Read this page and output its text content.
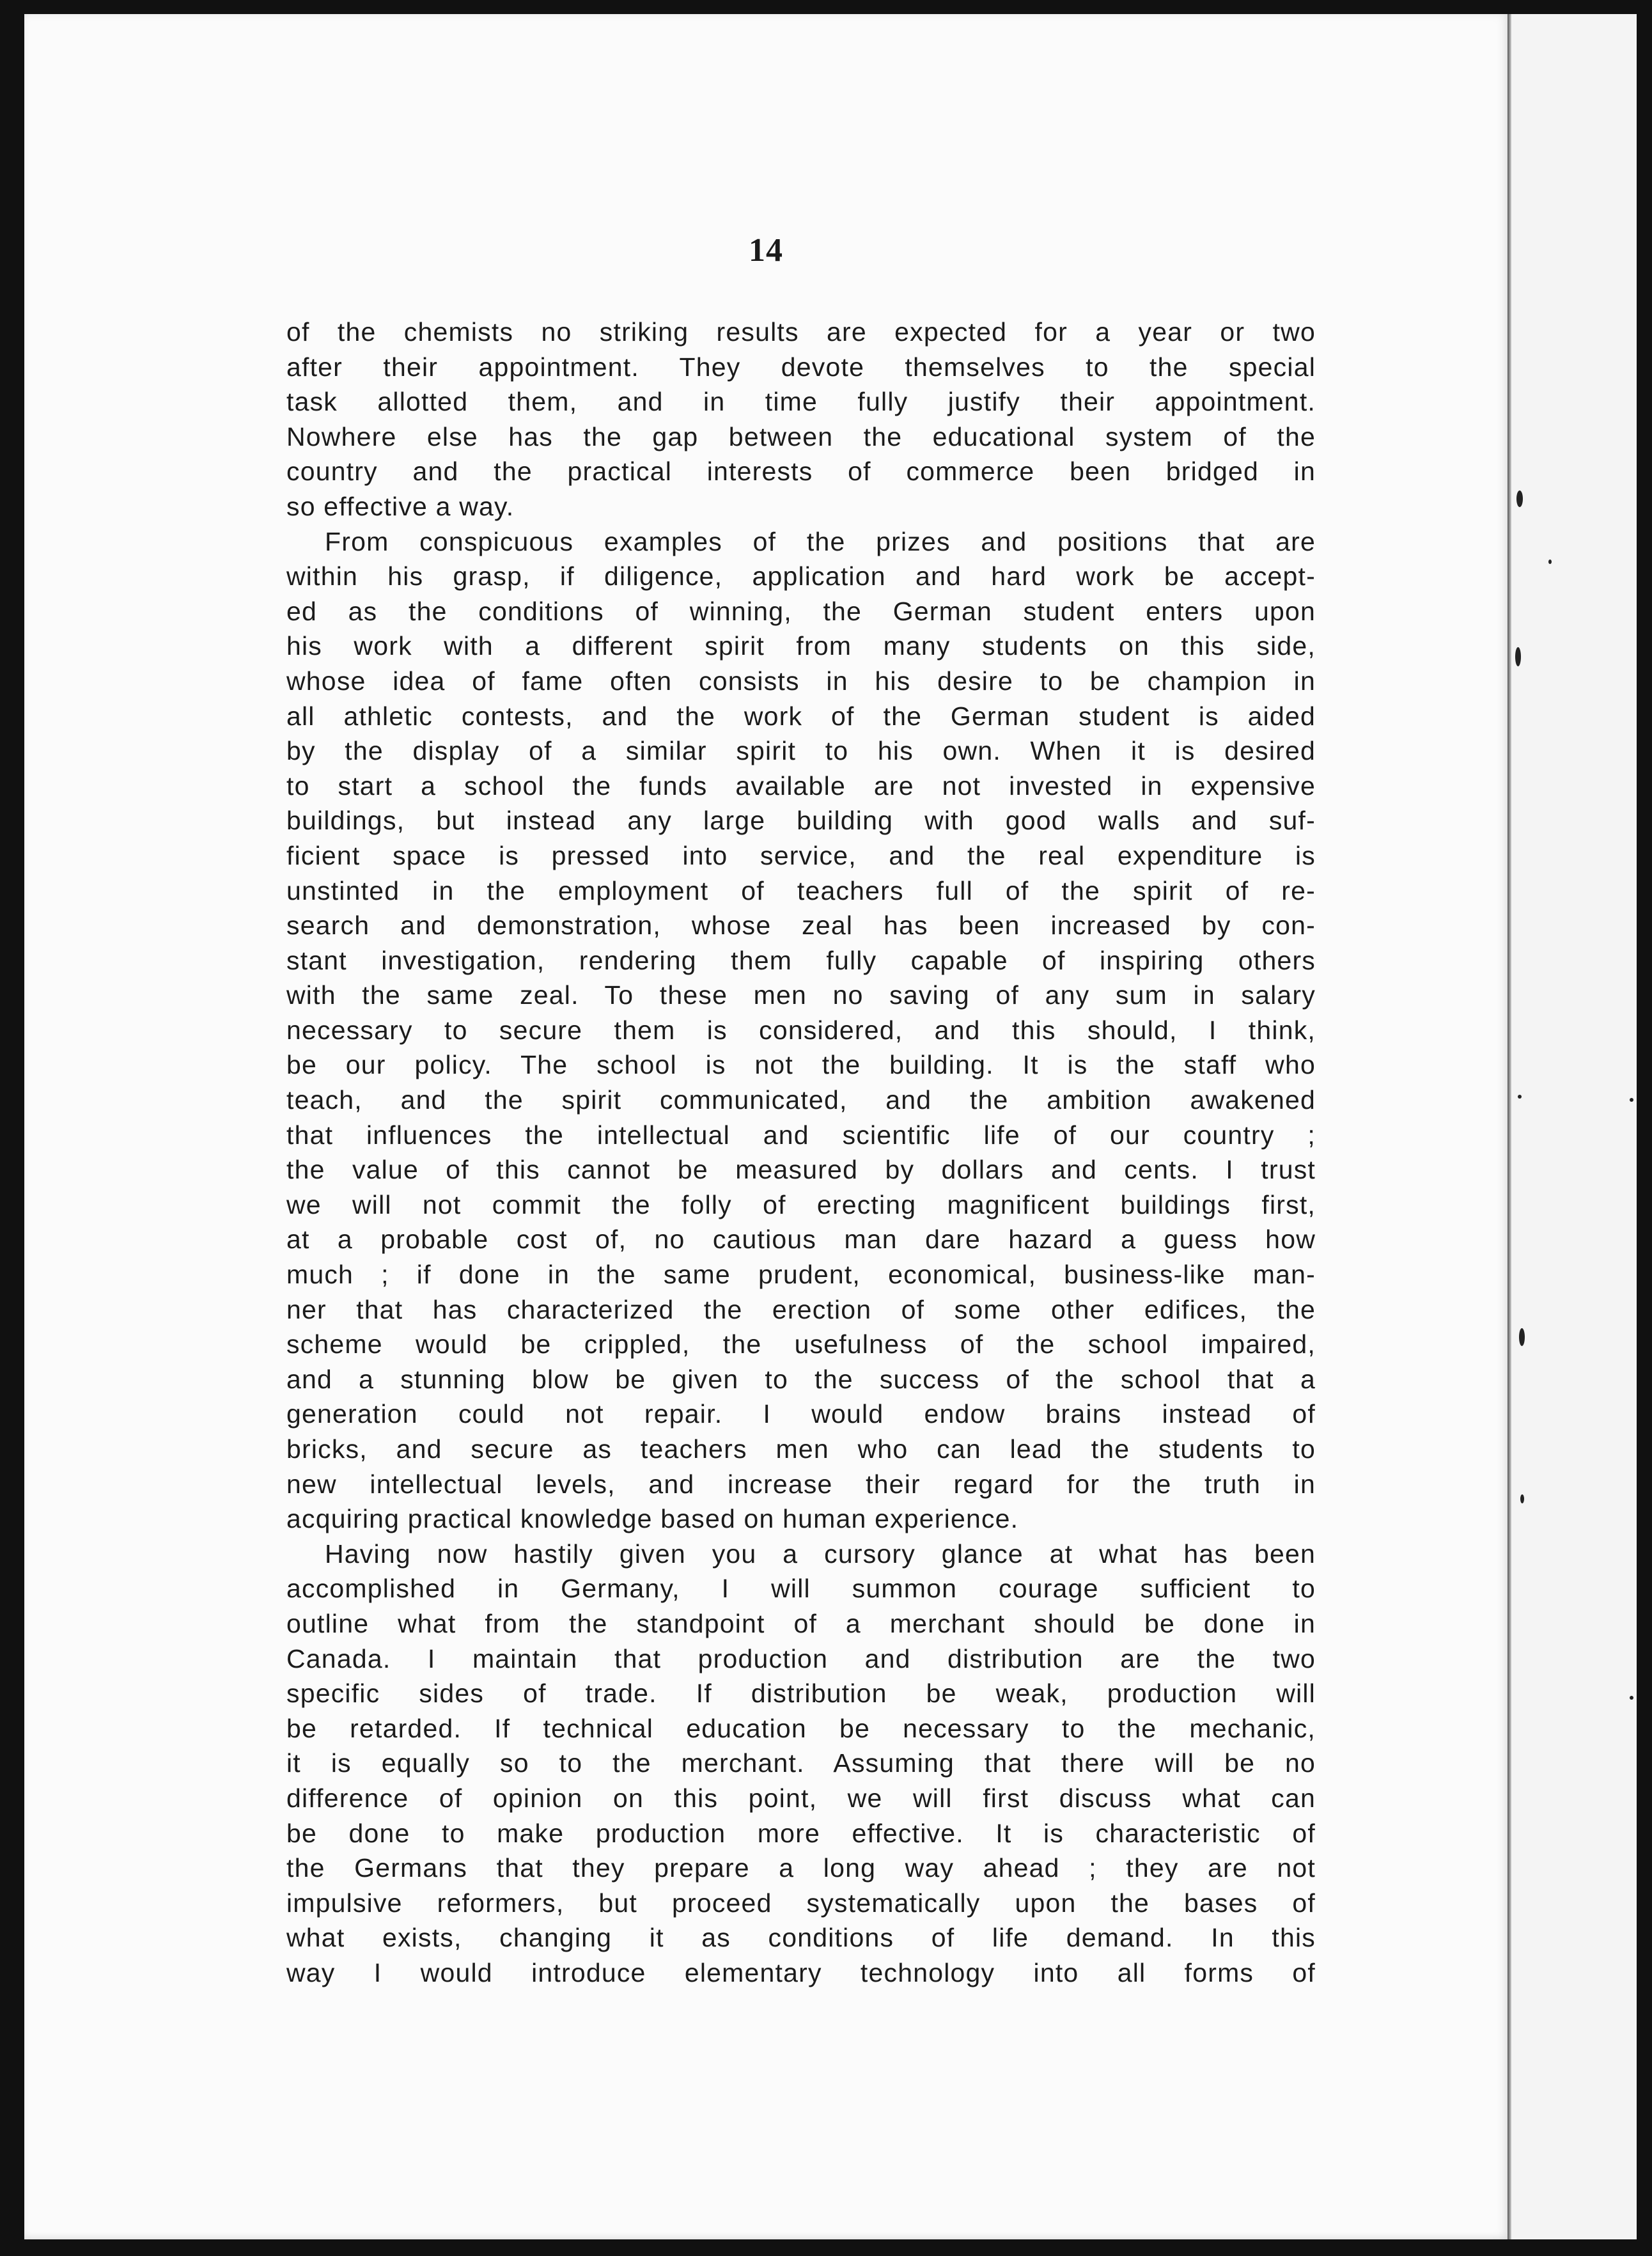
14
of the chemists no striking results are expected for a year or two
after their appointment. They devote themselves to the special
task allotted them, and in time fully justify their appointment.
Nowhere else has the gap between the educational system of the
country and the practical interests of commerce been bridged in
so effective a way.
From conspicuous examples of the prizes and positions that are
within his grasp, if diligence, application and hard work be accept-
ed as the conditions of winning, the German student enters upon
his work with a different spirit from many students on this side,
whose idea of fame often consists in his desire to be champion in
all athletic contests, and the work of the German student is aided
by the display of a similar spirit to his own. When it is desired
to start a school the funds available are not invested in expensive
buildings, but instead any large building with good walls and suf-
ficient space is pressed into service, and the real expenditure is
unstinted in the employment of teachers full of the spirit of re-
search and demonstration, whose zeal has been increased by con-
stant investigation, rendering them fully capable of inspiring others
with the same zeal. To these men no saving of any sum in salary
necessary to secure them is considered, and this should, I think,
be our policy. The school is not the building. It is the staff who
teach, and the spirit communicated, and the ambition awakened
that influences the intellectual and scientific life of our country ;
the value of this cannot be measured by dollars and cents. I trust
we will not commit the folly of erecting magnificent buildings first,
at a probable cost of, no cautious man dare hazard a guess how
much ; if done in the same prudent, economical, business-like man-
ner that has characterized the erection of some other edifices, the
scheme would be crippled, the usefulness of the school impaired,
and a stunning blow be given to the success of the school that a
generation could not repair. I would endow brains instead of
bricks, and secure as teachers men who can lead the students to
new intellectual levels, and increase their regard for the truth in
acquiring practical knowledge based on human experience.
Having now hastily given you a cursory glance at what has been
accomplished in Germany, I will summon courage sufficient to
outline what from the standpoint of a merchant should be done in
Canada. I maintain that production and distribution are the two
specific sides of trade. If distribution be weak, production will
be retarded. If technical education be necessary to the mechanic,
it is equally so to the merchant. Assuming that there will be no
difference of opinion on this point, we will first discuss what can
be done to make production more effective. It is characteristic of
the Germans that they prepare a long way ahead ; they are not
impulsive reformers, but proceed systematically upon the bases of
what exists, changing it as conditions of life demand. In this
way I would introduce elementary technology into all forms of
